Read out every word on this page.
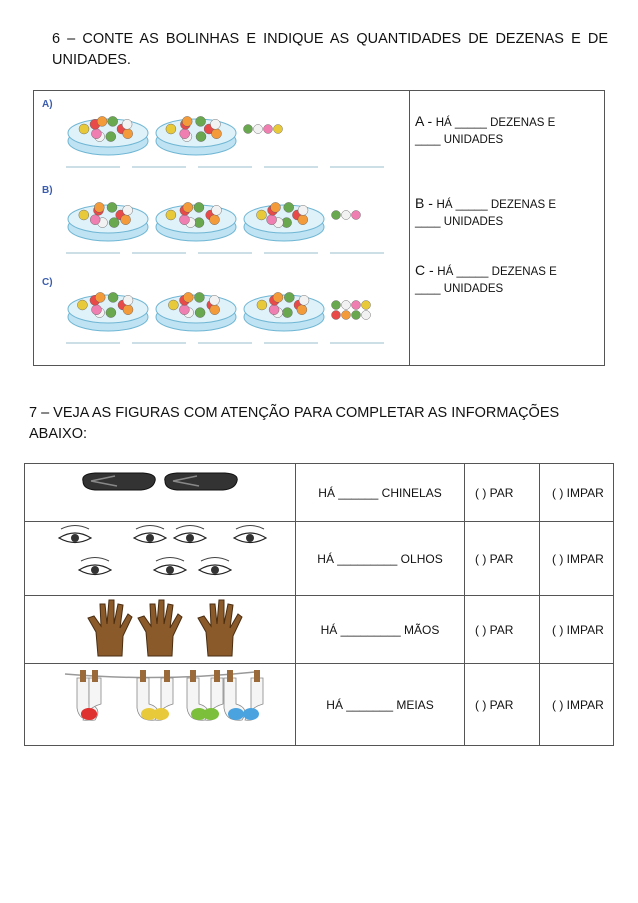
6 – CONTE AS BOLINHAS E INDIQUE AS QUANTIDADES DE DEZENAS E DE UNIDADES.
A)
B)
C)
A - HÁ _____ DEZENAS E
____ UNIDADES
B - HÁ _____ DEZENAS E
____ UNIDADES
C - HÁ _____ DEZENAS E
____ UNIDADES
7 – VEJA AS FIGURAS COM ATENÇÃO PARA COMPLETAR AS INFORMAÇÕES ABAIXO:
	HÁ ______ CHINELAS	( ) PAR	( ) IMPAR
	HÁ _________ OLHOS	( ) PAR	( ) IMPAR
	HÁ _________ MÃOS	( ) PAR	( ) IMPAR
	HÁ _______ MEIAS	( ) PAR	( ) IMPAR
